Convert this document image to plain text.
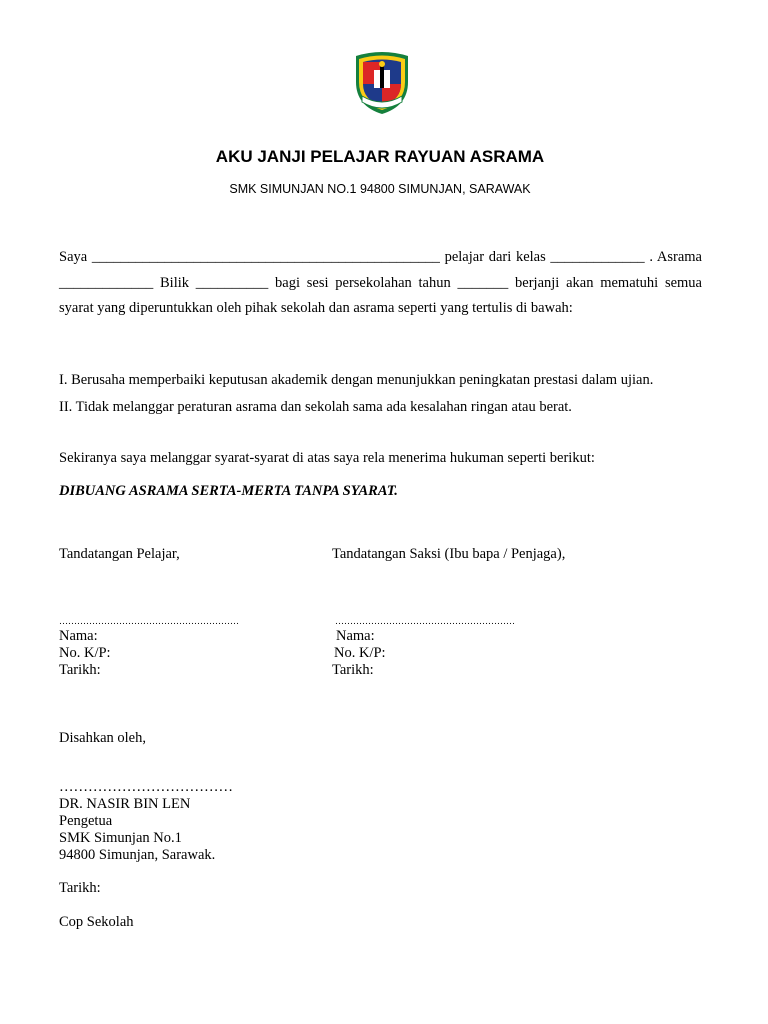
AKU JANJI PELAJAR RAYUAN ASRAMA
SMK SIMUNJAN NO.1 94800 SIMUNJAN, SARAWAK
Saya ________________________________________________ pelajar dari kelas _____________ . Asrama _____________ Bilik __________ bagi sesi persekolahan tahun _______ berjanji akan mematuhi semua syarat yang diperuntukkan oleh pihak sekolah dan asrama seperti yang tertulis di bawah:
I. Berusaha memperbaiki keputusan akademik dengan menunjukkan peningkatan prestasi dalam ujian.
II. Tidak melanggar peraturan asrama dan sekolah sama ada kesalahan ringan atau berat.
Sekiranya saya melanggar syarat-syarat di atas saya rela menerima hukuman seperti berikut:
DIBUANG ASRAMA SERTA-MERTA TANPA SYARAT.
Tandatangan Pelajar,
……………………………………………………
Nama:
No. K/P:
Tarikh:
Tandatangan Saksi (Ibu bapa / Penjaga),
……………………………………………………
Nama:
No. K/P:
Tarikh:
Disahkan oleh,
………………………………
DR. NASIR BIN LEN
Pengetua
SMK Simunjan No.1
94800 Simunjan, Sarawak.
Tarikh:
Cop Sekolah
